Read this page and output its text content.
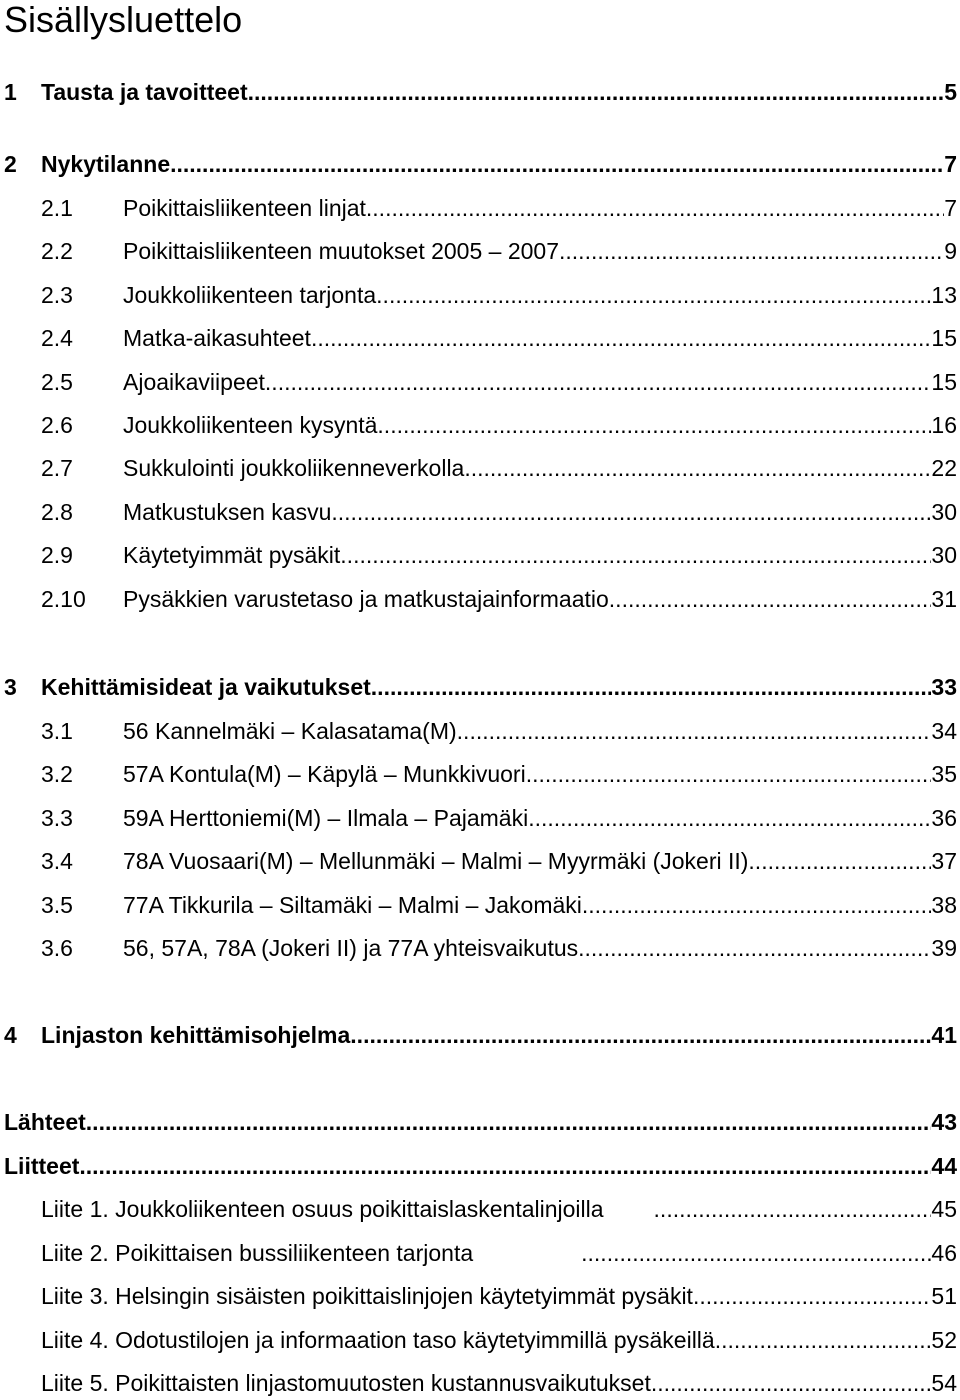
Sisällysluettelo
1	Tausta ja tavoitteet .....	5
2	Nykytilanne .....	7
2.1	Poikittaisliikenteen linjat .....	7
2.2	Poikittaisliikenteen muutokset 2005 – 2007 .....	9
2.3	Joukkoliikenteen tarjonta .....	13
2.4	Matka-aikasuhteet .....	15
2.5	Ajoaikaviipeet .....	15
2.6	Joukkoliikenteen kysyntä .....	16
2.7	Sukkulointi joukkoliikenneverkolla .....	22
2.8	Matkustuksen kasvu .....	30
2.9	Käytetyimmät pysäkit .....	30
2.10	Pysäkkien varustetaso ja matkustajainformaatio .....	31
3	Kehittämisideat ja vaikutukset .....	33
3.1	56 Kannelmäki – Kalasatama(M) .....	34
3.2	57A Kontula(M) – Käpylä – Munkkivuori .....	35
3.3	59A Herttoniemi(M) – Ilmala – Pajamäki .....	36
3.4	78A Vuosaari(M) – Mellunmäki – Malmi – Myyrmäki (Jokeri II) .....	37
3.5	77A Tikkurila – Siltamäki – Malmi – Jakomäki .....	38
3.6	56, 57A, 78A (Jokeri II) ja 77A yhteisvaikutus .....	39
4	Linjaston kehittämisohjelma .....	41
Lähteet .....	43
Liitteet .....	44
Liite 1. Joukkoliikenteen osuus poikittaislaskentalinjoilla .....	45
Liite 2. Poikittaisen bussiliikenteen tarjonta .....	46
Liite 3. Helsingin sisäisten poikittaislinjojen käytetyimmät pysäkit .....	51
Liite 4. Odotustilojen ja informaation taso käytetyimmillä pysäkeillä .....	52
Liite 5. Poikittaisten linjastomuutosten kustannusvaikutukset .....	54
